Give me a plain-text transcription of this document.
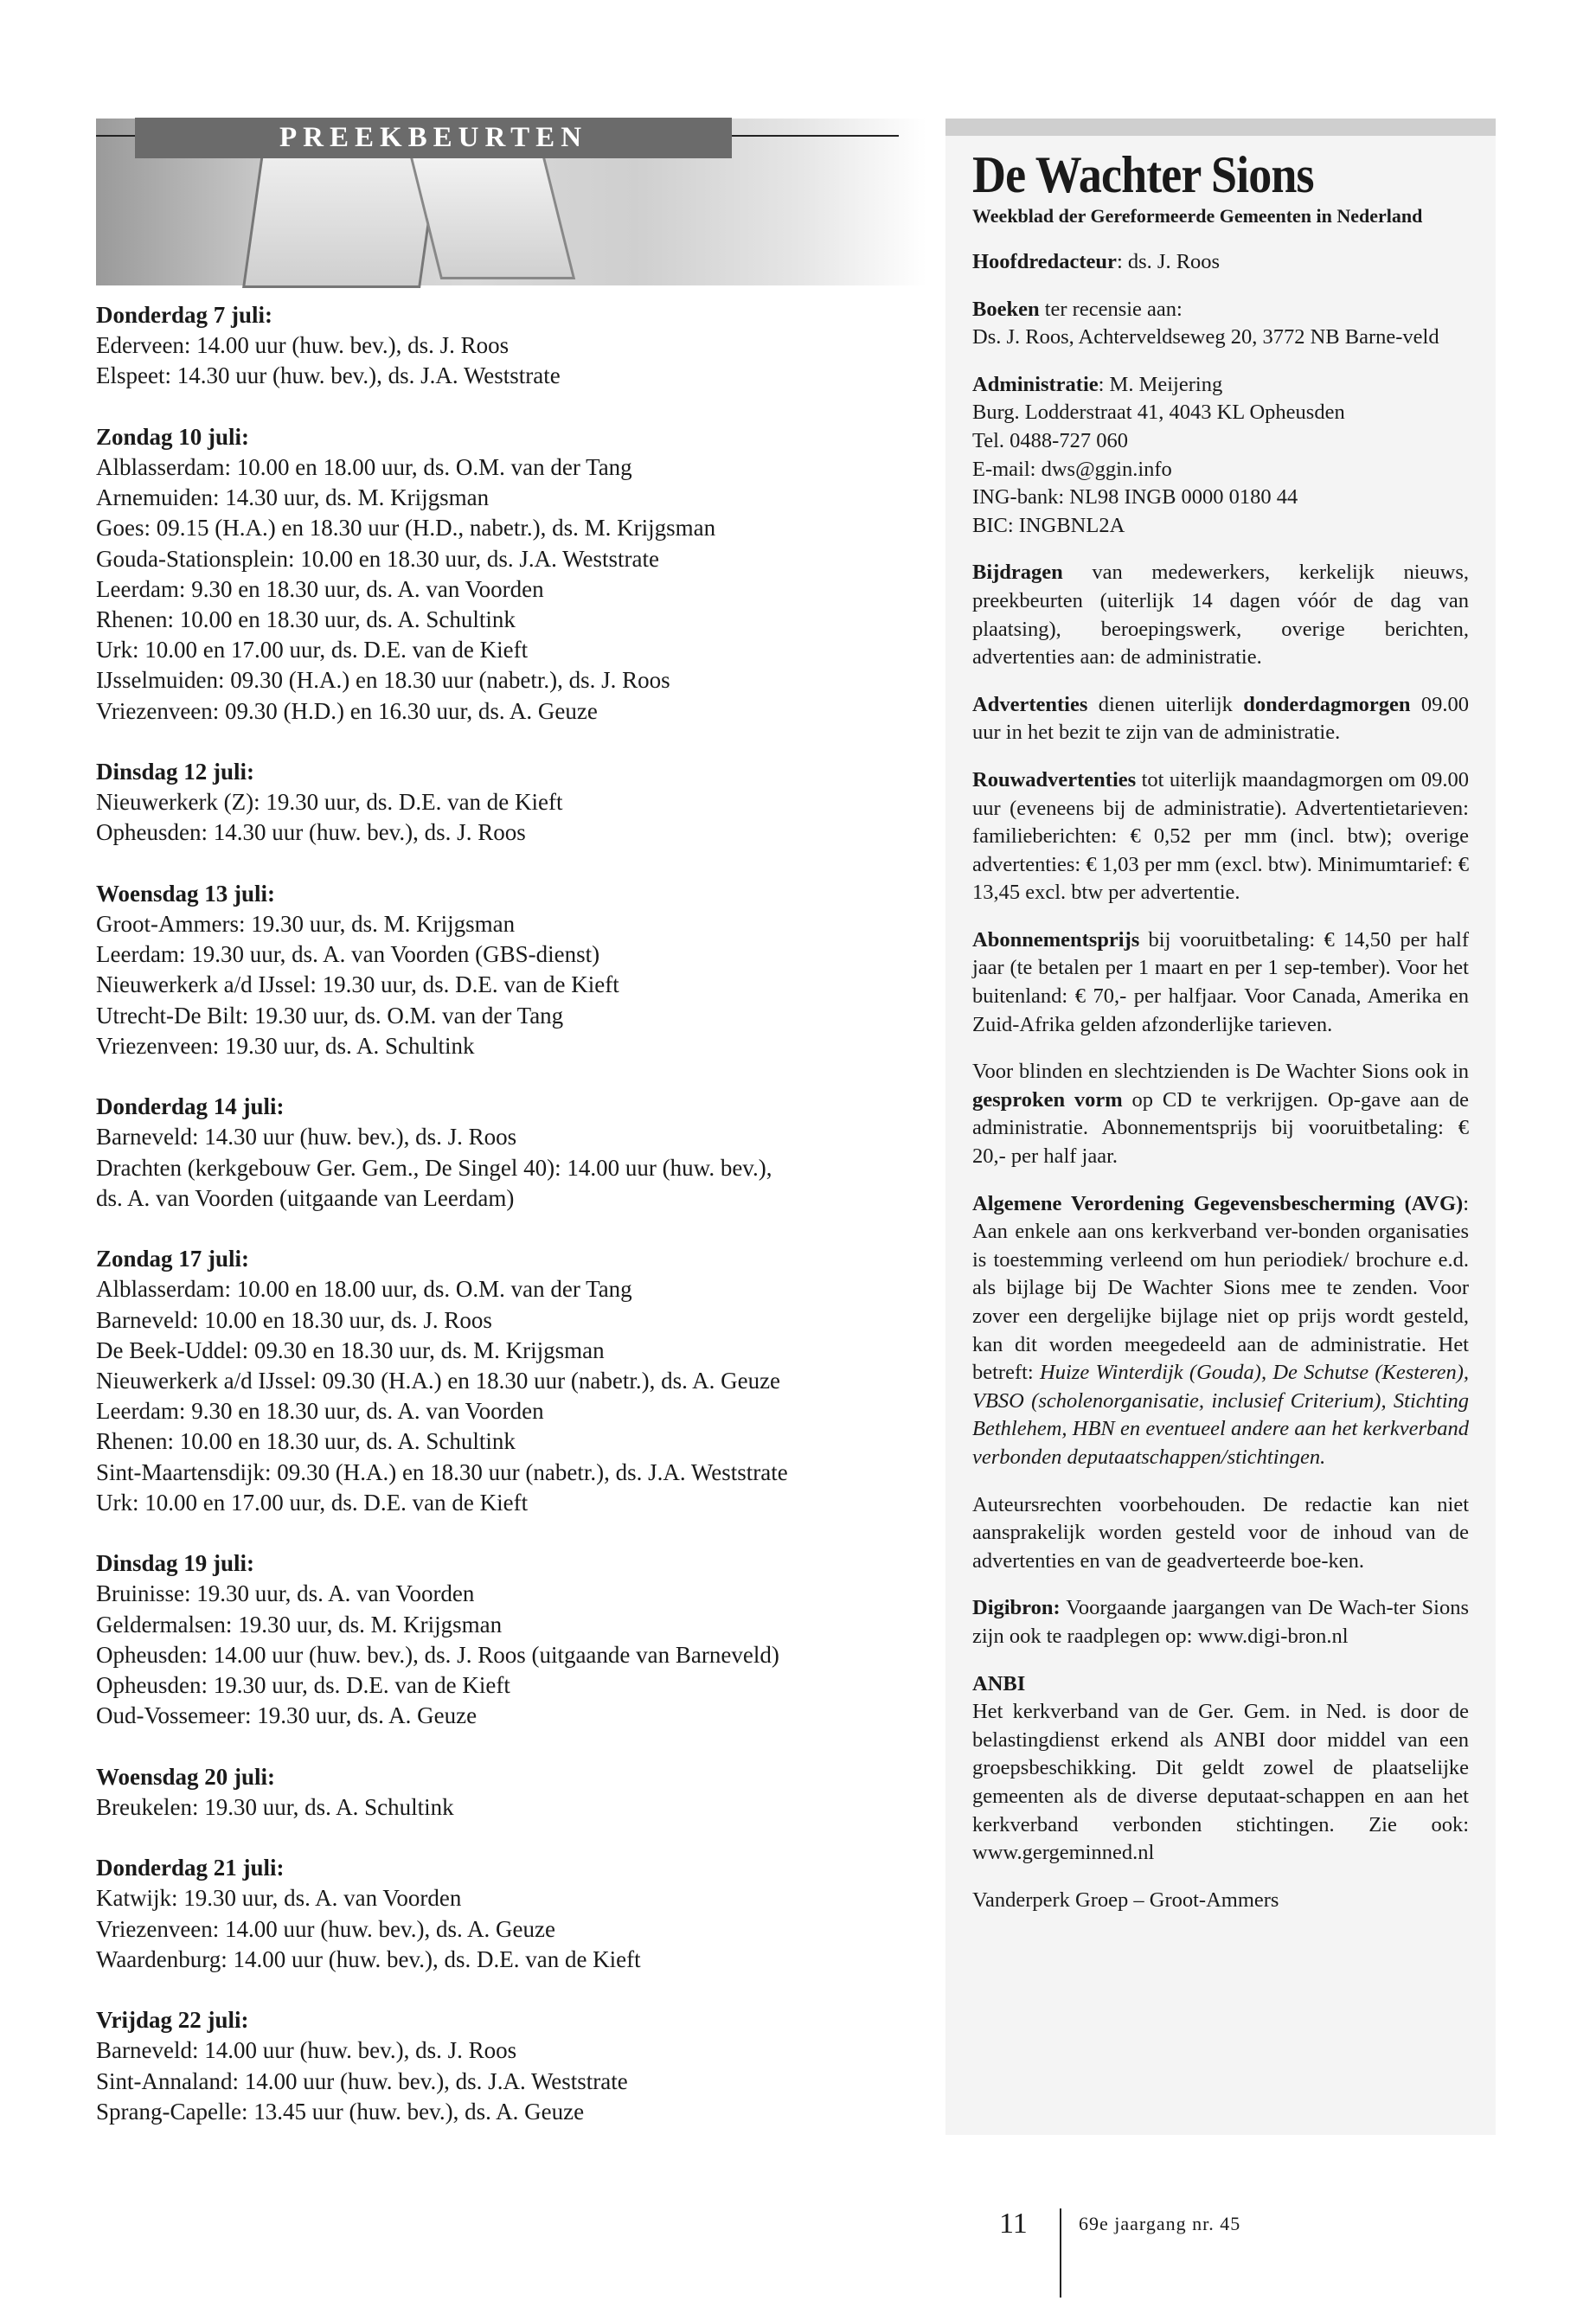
PREEKBEURTEN
Donderdag 7 juli:
Ederveen: 14.00 uur (huw. bev.), ds. J. Roos
Elspeet: 14.30 uur (huw. bev.), ds. J.A. Weststrate
Zondag 10 juli:
Alblasserdam: 10.00 en 18.00 uur, ds. O.M. van der Tang
Arnemuiden: 14.30 uur, ds. M. Krijgsman
Goes: 09.15 (H.A.) en 18.30 uur (H.D., nabetr.), ds. M. Krijgsman
Gouda-Stationsplein: 10.00 en 18.30 uur, ds. J.A. Weststrate
Leerdam: 9.30 en 18.30 uur, ds. A. van Voorden
Rhenen: 10.00 en 18.30 uur, ds. A. Schultink
Urk: 10.00 en 17.00 uur, ds. D.E. van de Kieft
IJsselmuiden: 09.30 (H.A.) en 18.30 uur (nabetr.), ds. J. Roos
Vriezenveen: 09.30 (H.D.) en 16.30 uur, ds. A. Geuze
Dinsdag 12 juli:
Nieuwerkerk (Z): 19.30 uur, ds. D.E. van de Kieft
Opheusden: 14.30 uur (huw. bev.), ds. J. Roos
Woensdag 13 juli:
Groot-Ammers: 19.30 uur, ds. M. Krijgsman
Leerdam: 19.30 uur, ds. A. van Voorden (GBS-dienst)
Nieuwerkerk a/d IJssel: 19.30 uur, ds. D.E. van de Kieft
Utrecht-De Bilt: 19.30 uur, ds. O.M. van der Tang
Vriezenveen: 19.30 uur, ds. A. Schultink
Donderdag 14 juli:
Barneveld: 14.30 uur (huw. bev.), ds. J. Roos
Drachten (kerkgebouw Ger. Gem., De Singel 40): 14.00 uur (huw. bev.),
ds. A. van Voorden (uitgaande van Leerdam)
Zondag 17 juli:
Alblasserdam: 10.00 en 18.00 uur, ds. O.M. van der Tang
Barneveld: 10.00 en 18.30 uur, ds. J. Roos
De Beek-Uddel: 09.30 en 18.30 uur, ds. M. Krijgsman
Nieuwerkerk a/d IJssel: 09.30 (H.A.) en 18.30 uur (nabetr.), ds. A. Geuze
Leerdam: 9.30 en 18.30 uur, ds. A. van Voorden
Rhenen: 10.00 en 18.30 uur, ds. A. Schultink
Sint-Maartensdijk: 09.30 (H.A.) en 18.30 uur (nabetr.), ds. J.A. Weststrate
Urk: 10.00 en 17.00 uur, ds. D.E. van de Kieft
Dinsdag 19 juli:
Bruinisse: 19.30 uur, ds. A. van Voorden
Geldermalsen: 19.30 uur, ds. M. Krijgsman
Opheusden: 14.00 uur (huw. bev.), ds. J. Roos (uitgaande van Barneveld)
Opheusden: 19.30 uur, ds. D.E. van de Kieft
Oud-Vossemeer: 19.30 uur, ds. A. Geuze
Woensdag 20 juli:
Breukelen: 19.30 uur, ds. A. Schultink
Donderdag 21 juli:
Katwijk: 19.30 uur, ds. A. van Voorden
Vriezenveen: 14.00 uur (huw. bev.), ds. A. Geuze
Waardenburg: 14.00 uur (huw. bev.), ds. D.E. van de Kieft
Vrijdag 22 juli:
Barneveld: 14.00 uur (huw. bev.), ds. J. Roos
Sint-Annaland: 14.00 uur (huw. bev.), ds. J.A. Weststrate
Sprang-Capelle: 13.45 uur (huw. bev.), ds. A. Geuze
De Wachter Sions
Weekblad der Gereformeerde Gemeenten in Nederland

Hoofdredacteur: ds. J. Roos

Boeken ter recensie aan:
Ds. J. Roos, Achterveldseweg 20, 3772 NB Barne-veld

Administratie: M. Meijering
Burg. Lodderstraat 41, 4043 KL Opheusden
Tel. 0488-727 060
E-mail: dws@ggin.info
ING-bank: NL98 INGB 0000 0180 44
BIC: INGBNL2A

Bijdragen van medewerkers, kerkelijk nieuws, preekbeurten (uiterlijk 14 dagen vóór de dag van plaatsing), beroepingswerk, overige berichten, advertenties aan: de administratie.

Advertenties dienen uiterlijk donderdagmorgen 09.00 uur in het bezit te zijn van de administratie.

Rouwadvertenties tot uiterlijk maandagmorgen om 09.00 uur (eveneens bij de administratie). Advertentietarieven: familieberichten: € 0,52 per mm (incl. btw); overige advertenties: € 1,03 per mm (excl. btw). Minimumtarief: € 13,45 excl. btw per advertentie.

Abonnementsprijs bij vooruitbetaling: € 14,50 per half jaar (te betalen per 1 maart en per 1 sep-tember). Voor het buitenland: € 70,- per halfjaar. Voor Canada, Amerika en Zuid-Afrika gelden afzonderlijke tarieven.

Voor blinden en slechtzienden is De Wachter Sions ook in gesproken vorm op CD te verkrijgen. Op-gave aan de administratie. Abonnementsprijs bij vooruitbetaling: € 20,- per half jaar.

Algemene Verordening Gegevensbescherming (AVG): Aan enkele aan ons kerkverband ver-bonden organisaties is toestemming verleend om hun periodiek/ brochure e.d. als bijlage bij De Wachter Sions mee te zenden. Voor zover een dergelijke bijlage niet op prijs wordt gesteld, kan dit worden meegedeeld aan de administratie. Het betreft: Huize Winterdijk (Gouda), De Schutse (Kesteren), VBSO (scholenorganisatie, inclusief Criterium), Stichting Bethlehem, HBN en eventueel andere aan het kerkverband verbonden deputaatschappen/stichtingen.

Auteursrechten voorbehouden. De redactie kan niet aansprakelijk worden gesteld voor de inhoud van de advertenties en van de geadverteerde boe-ken.

Digibron: Voorgaande jaargangen van De Wach-ter Sions zijn ook te raadplegen op: www.digi-bron.nl

ANBI
Het kerkverband van de Ger. Gem. in Ned. is door de belastingdienst erkend als ANBI door middel van een groepsbeschikking. Dit geldt zowel de plaatselijke gemeenten als de diverse deputaat-schappen en aan het kerkverband verbonden stichtingen. Zie ook: www.gergeminned.nl

Vanderperk Groep – Groot-Ammers

11	69e jaargang nr. 45
